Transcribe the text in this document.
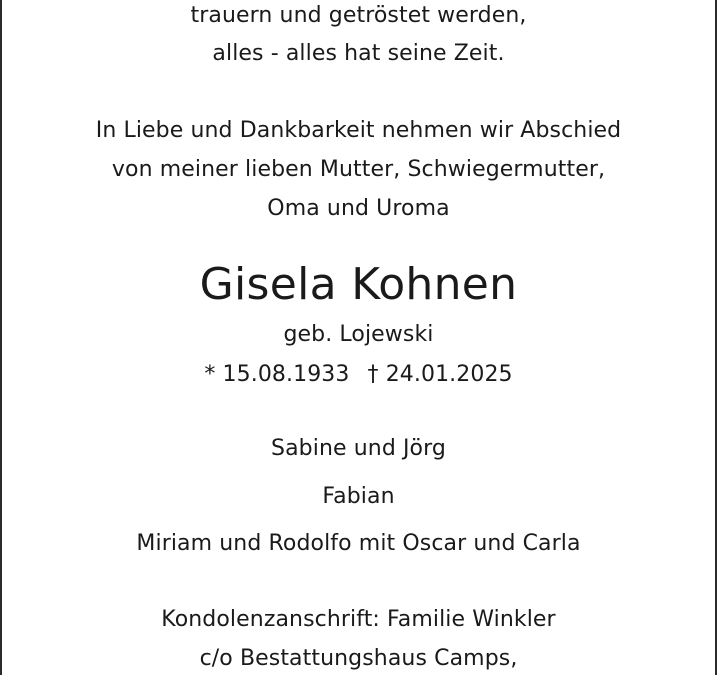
trauern und getröstet werden,
alles - alles hat seine Zeit.
In Liebe und Dankbarkeit nehmen wir Abschied
von meiner lieben Mutter, Schwiegermutter,
Oma und Uroma
Gisela Kohnen
geb. Lojewski
* 15.08.1933 † 24.01.2025
Sabine und Jörg
Fabian
Miriam und Rodolfo mit Oscar und Carla
Kondolenzanschrift: Familie Winkler
c/o Bestattungshaus Camps,
